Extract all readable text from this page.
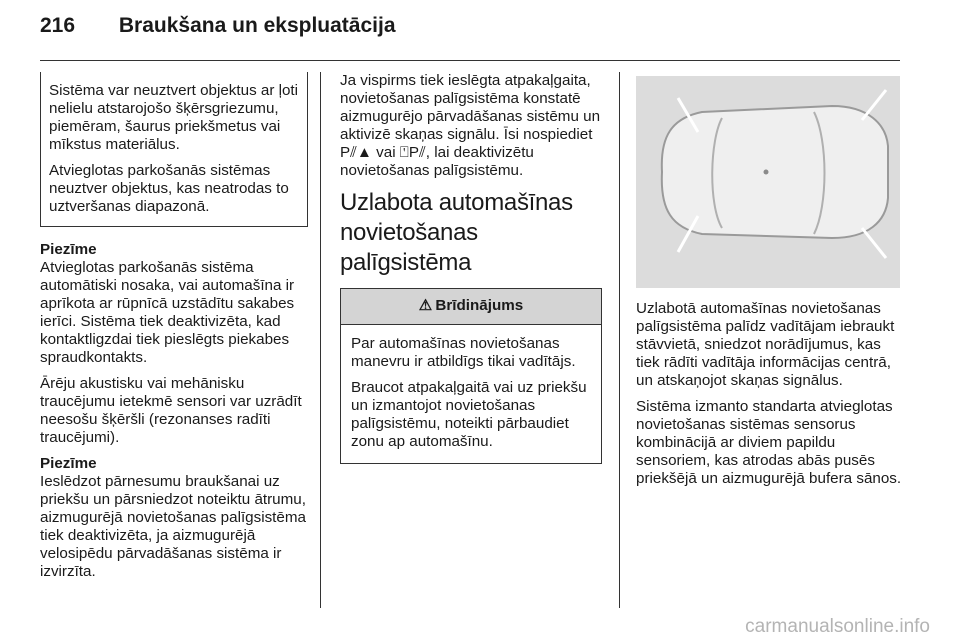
216 Braukšana un ekspluatācija

Sistēma var neuztvert objektus ar ļoti nelielu atstarojošo šķērsgriezumu, piemēram, šaurus priekšmetus vai mīkstus materiālus.

Atvieglotas parkošanās sistēmas neuztver objektus, kas neatrodas to uztveršanas diapazonā.

Piezīme

Atvieglotas parkošanās sistēma automātiski nosaka, vai automašīna ir aprīkota ar rūpnīcā uzstādītu sakabes ierīci. Sistēma tiek deaktivizēta, kad kontaktligzdai tiek pieslēgts piekabes spraudkontakts.

Ārēju akustisku vai mehānisku traucējumu ietekmē sensori var uzrādīt neesošu šķēršli (rezonanses radīti traucējumi).

Piezīme

Ieslēdzot pārnesumu braukšanai uz priekšu un pārsniedzot noteiktu ātrumu, aizmugurējā novietošanas palīgsistēma tiek deaktivizēta, ja aizmugurējā velosipēdu pārvadāšanas sistēma ir izvirzīta.

Ja vispirms tiek ieslēgta atpakaļgaita, novietošanas palīgsistēma konstatē aizmugurējo pārvadāšanas sistēmu un aktivizē skaņas signālu. Īsi nospiediet P⫽▲ vai ⍞P⫽, lai deaktivizētu novietošanas palīgsistēmu.

Uzlabota automašīnas novietošanas palīgsistēma
⚠ Brīdinājums

Par automašīnas novietošanas manevru ir atbildīgs tikai vadītājs.

Braucot atpakaļgaitā vai uz priekšu un izmantojot novietošanas palīgsistēmu, noteikti pārbaudiet zonu ap automašīnu.

Uzlabotā automašīnas novietošanas palīgsistēma palīdz vadītājam iebraukt stāvvietā, sniedzot norādījumus, kas tiek rādīti vadītāja informācijas centrā, un atskaņojot skaņas signālus.

Sistēma izmanto standarta atvieglotas novietošanas sistēmas sensorus kombinācijā ar diviem papildu sensoriem, kas atrodas abās pusēs priekšējā un aizmugurējā bufera sānos.

carmanualsonline.info
